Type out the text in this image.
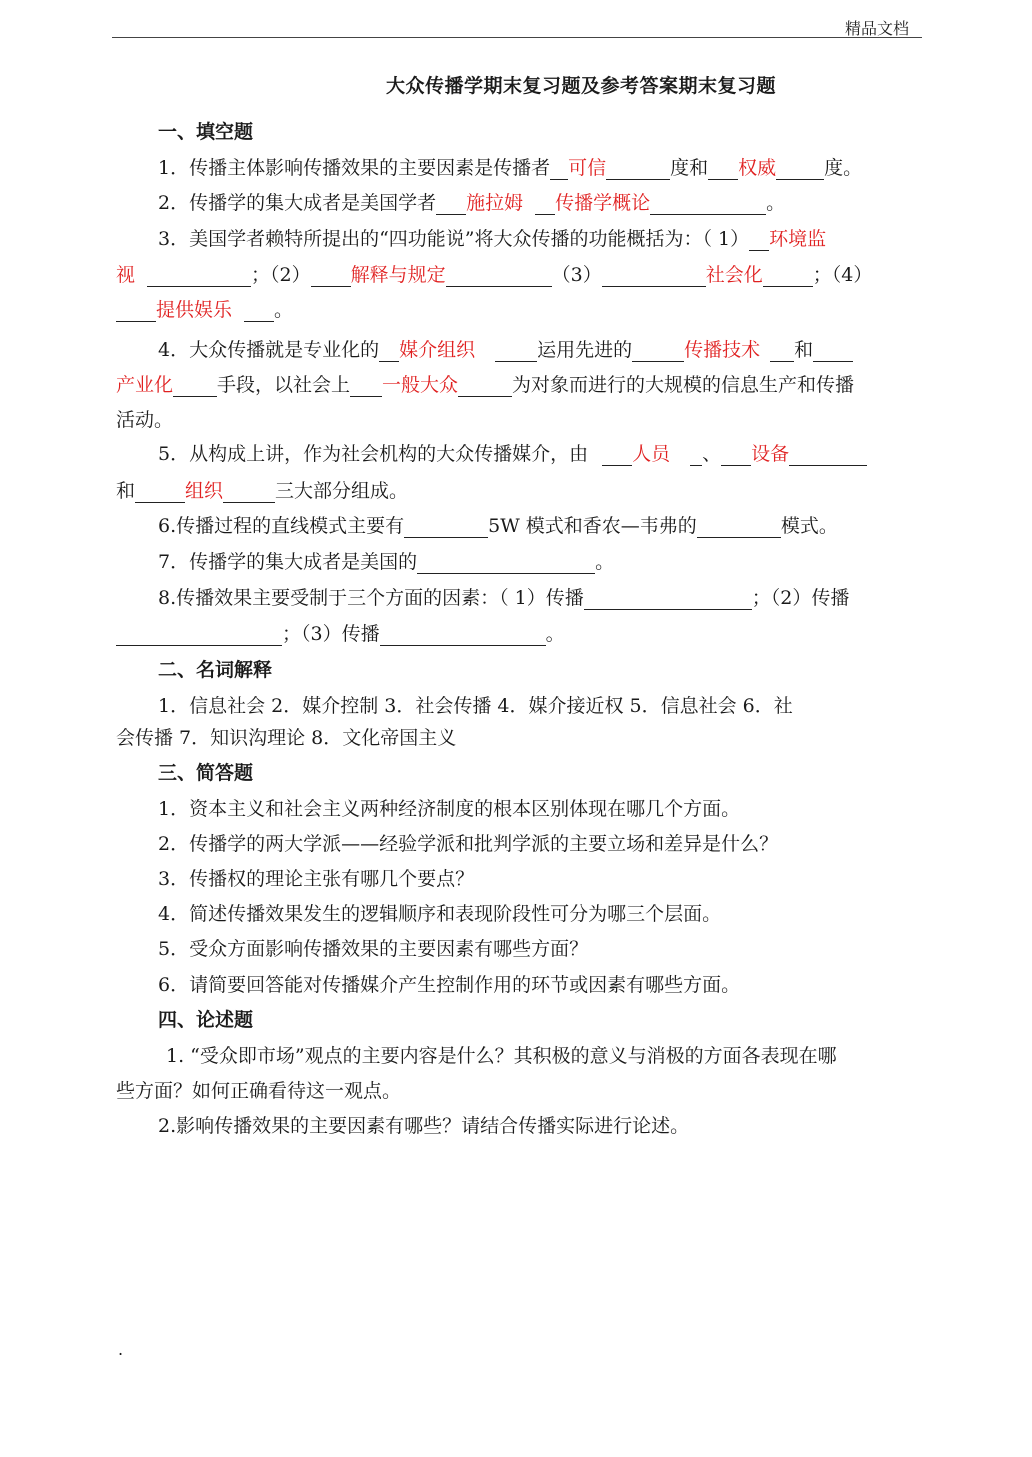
精品文档
大众传播学期末复习题及参考答案期末复习题
一、填空题
1．传播主体影响传播效果的主要因素是传播者 可信	度和 权威	度。
2．传播学的集大成者是美国学者 施拉姆 传播学概论	。
3．美国学者赖特所提出的“四功能说”将大众传播的功能概括为：（ 1） 环境监
视	；（2） 解释与规定	（3）	社会化	；（4）
提供娱乐 。
4．大众传播就是专业化的 媒介组织	运用先进的	传播技术 和
产业化 手段，以社会上 一般大众	为对象而进行的大规模的信息生产和传播
活动。
5．从构成上讲，作为社会机构的大众传播媒介，由 人员 、 设备
和	组织	三大部分组成。
6.传播过程的直线模式主要有	5W 模式和香农—韦弗的	模式。
7．传播学的集大成者是美国的	。
8.传播效果主要受制于三个方面的因素：（ 1）传播	；（2）传播
；（3）传播	。
二、名词解释
1．信息社会 2．媒介控制 3．社会传播 4．媒介接近权 5．信息社会 6．社
会传播 7．知识沟理论 8．文化帝国主义
三、简答题
1．资本主义和社会主义两种经济制度的根本区别体现在哪几个方面。
2．传播学的两大学派——经验学派和批判学派的主要立场和差异是什么？
3．传播权的理论主张有哪几个要点？
4．简述传播效果发生的逻辑顺序和表现阶段性可分为哪三个层面。
5．受众方面影响传播效果的主要因素有哪些方面？
6．请简要回答能对传播媒介产生控制作用的环节或因素有哪些方面。
四、论述题
1. “受众即市场”观点的主要内容是什么？其积极的意义与消极的方面各表现在哪
些方面？如何正确看待这一观点。
2.影响传播效果的主要因素有哪些？请结合传播实际进行论述。
.
